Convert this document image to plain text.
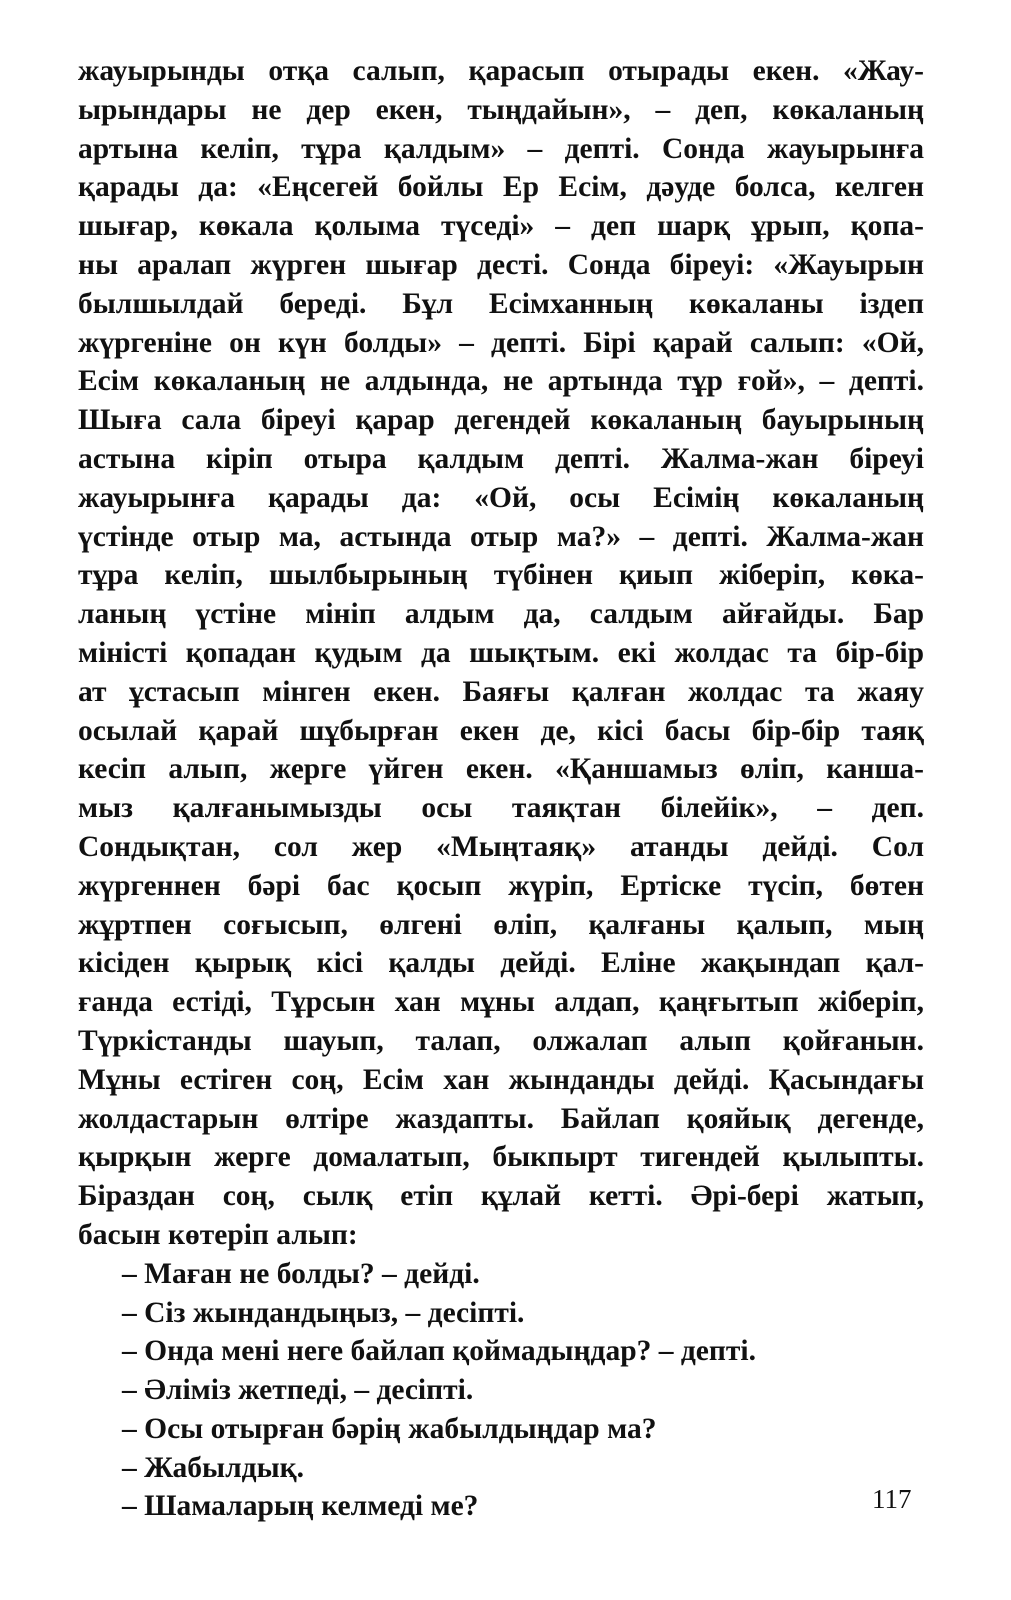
жауырынды отқа салып, қарасып отырады екен. «Жау-
ырындары не дер екен, тыңдайын», – деп, көкаланың
артына келіп, тұра қалдым» – депті. Сонда жауырынға
қарады да: «Еңсегей бойлы Ер Есім, дәуде болса, келген
шығар, көкала қолыма түседі» – деп шарқ ұрып, қопа-
ны аралап жүрген шығар десті. Сонда біреуі: «Жауырын
былшылдай береді. Бұл Есімханның көкаланы іздеп
жүргеніне он күн болды» – депті. Бірі қарай салып: «Ой,
Есім көкаланың не алдында, не артында тұр ғой», – депті.
Шыға сала біреуі қарар дегендей көкаланың бауырының
астына кіріп отыра қалдым депті. Жалма-жан біреуі
жауырынға қарады да: «Ой, осы Есімің көкаланың
үстінде отыр ма, астында отыр ма?» – депті. Жалма-жан
тұра келіп, шылбырының түбінен қиып жіберіп, көка-
ланың үстіне мініп алдым да, салдым айғайды. Бар
міністі қопадан қудым да шықтым. екі жолдас та бір-бір
ат ұстасып мінген екен. Баяғы қалған жолдас та жаяу
осылай қарай шұбырған екен де, кісі басы бір-бір таяқ
кесіп алып, жерге үйген екен. «Қаншамыз өліп, канша-
мыз қалғанымызды осы таяқтан білейік», – деп.
Сондықтан, сол жер «Мыңтаяқ» атанды дейді. Сол
жүргеннен бәрі бас қосып жүріп, Ертіске түсіп, бөтен
жұртпен соғысып, өлгені өліп, қалғаны қалып, мың
кісіден қырық кісі қалды дейді. Еліне жақындап қал-
ғанда естіді, Тұрсын хан мұны алдап, қаңғытып жіберіп,
Түркістанды шауып, талап, олжалап алып қойғанын.
Мұны естіген соң, Есім хан жынданды дейді. Қасындағы
жолдастарын өлтіре жаздапты. Байлап қояйық дегенде,
қырқын жерге домалатып, быкпырт тигендей қылыпты.
Біраздан соң, сылқ етіп құлай кетті. Әрі-бері жатып,
басын көтеріп алып:
– Маған не болды? – дейді.
– Сіз жындандыңыз, – десіпті.
– Онда мені неге байлап қоймадыңдар? – депті.
– Әліміз жетпеді, – десіпті.
– Осы отырған бәрің жабылдыңдар ма?
– Жабылдық.
– Шамаларың келмеді ме?	117
